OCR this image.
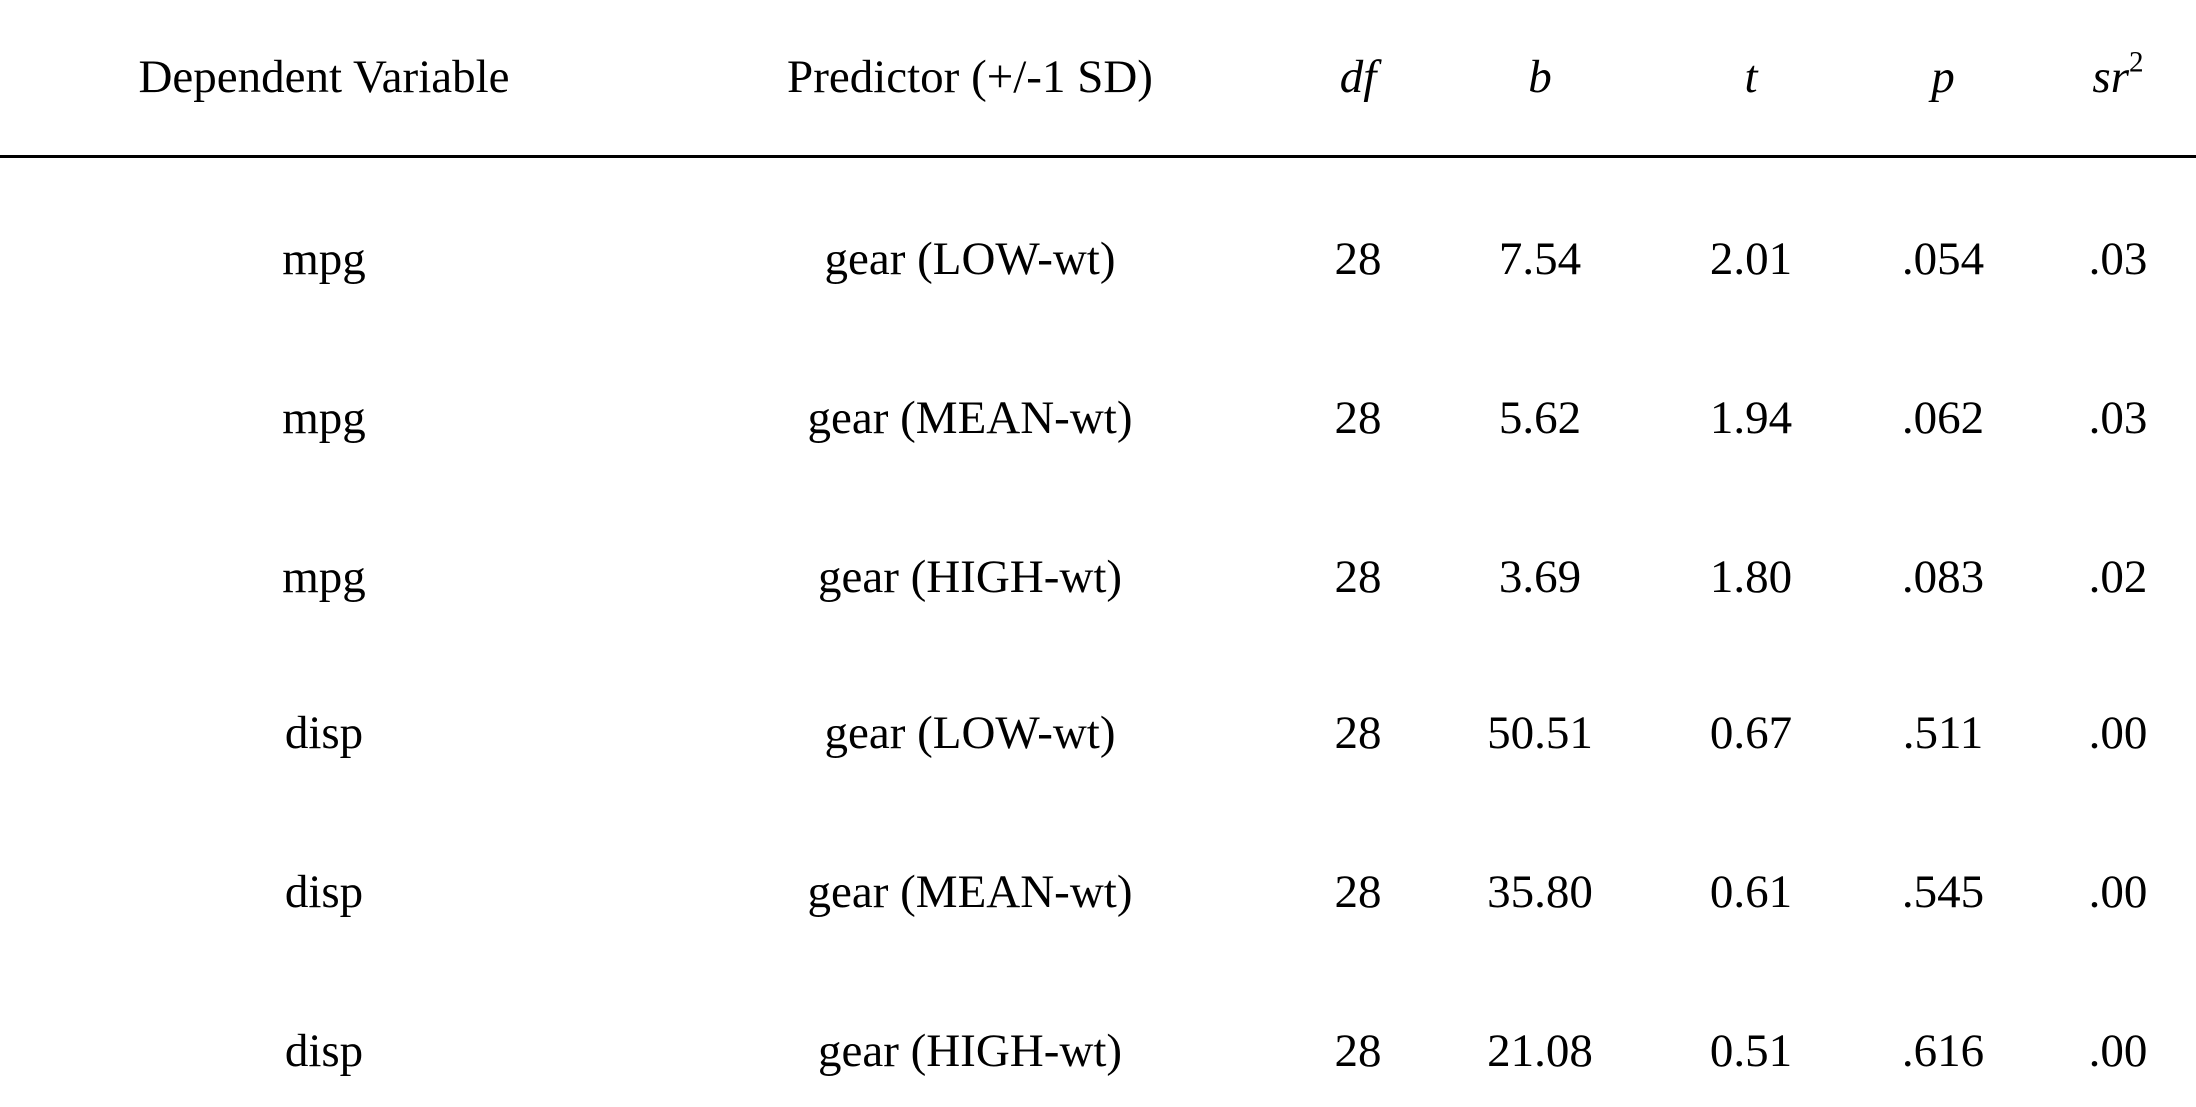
Dependent Variable	Predictor (+/-1 SD)	df	b	t	p	$sr^2$
mpg	gear (LOW-wt)	28 7.54	2.01 .054 .03
mpg	gear (MEAN-wt)	28 5.62	1.94 .062 .03
mpg	gear (HIGH-wt)	28 3.69	1.80 .083 .02
disp	gear (LOW-wt)	28 50.51 0.67 .511 .00
disp	gear (MEAN-wt)	28 35.80 0.61 .545 .00
disp	gear (HIGH-wt)	28 21.08 0.51 .616 .00
